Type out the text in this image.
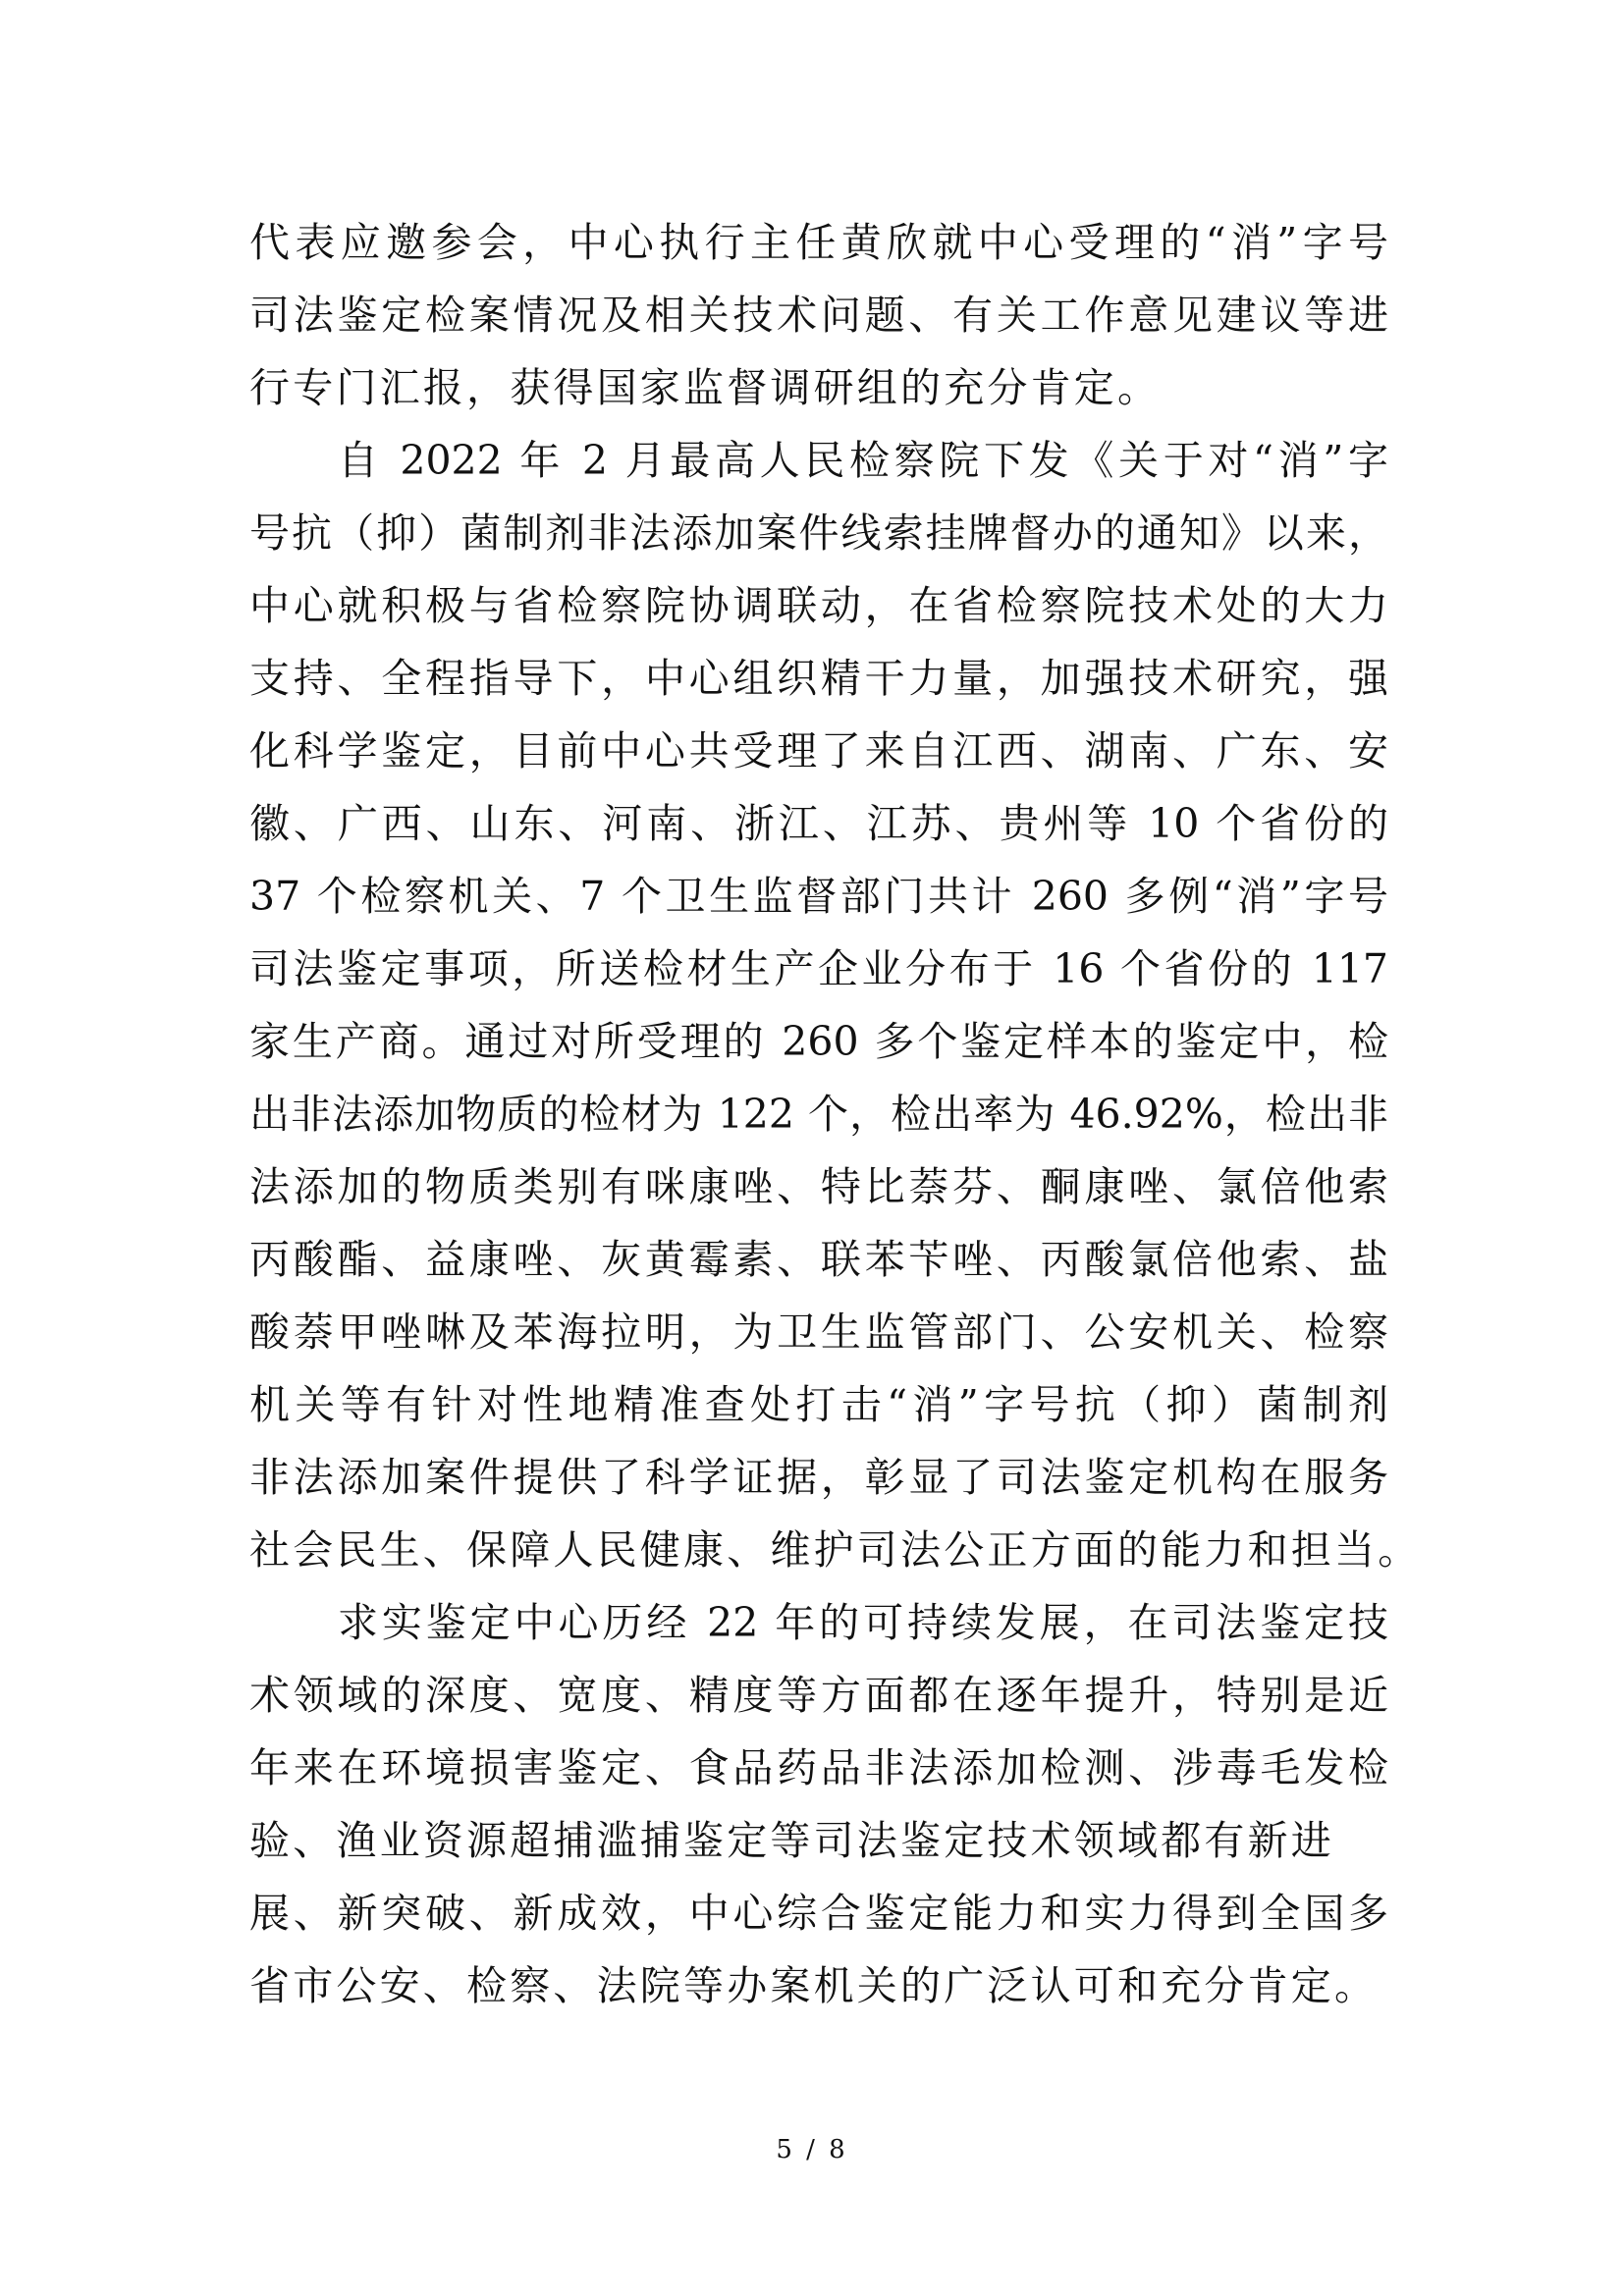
代表应邀参会，中心执行主任黄欣就中心受理的“消”字号
司法鉴定检案情况及相关技术问题、有关工作意见建议等进
行专门汇报，获得国家监督调研组的充分肯定。
自 2022 年 2 月最高人民检察院下发《关于对“消”字
号抗（抑）菌制剂非法添加案件线索挂牌督办的通知》以来，
中心就积极与省检察院协调联动，在省检察院技术处的大力
支持、全程指导下，中心组织精干力量，加强技术研究，强
化科学鉴定，目前中心共受理了来自江西、湖南、广东、安
徽、广西、山东、河南、浙江、江苏、贵州等 10 个省份的
37 个检察机关、7 个卫生监督部门共计 260 多例“消”字号
司法鉴定事项，所送检材生产企业分布于 16 个省份的 117
家生产商。通过对所受理的 260 多个鉴定样本的鉴定中，检
出非法添加物质的检材为 122 个，检出率为 46.92%，检出非
法添加的物质类别有咪康唑、特比萘芬、酮康唑、氯倍他索
丙酸酯、益康唑、灰黄霉素、联苯苄唑、丙酸氯倍他索、盐
酸萘甲唑啉及苯海拉明，为卫生监管部门、公安机关、检察
机关等有针对性地精准查处打击“消”字号抗（抑）菌制剂
非法添加案件提供了科学证据，彰显了司法鉴定机构在服务
社会民生、保障人民健康、维护司法公正方面的能力和担当。
求实鉴定中心历经 22 年的可持续发展，在司法鉴定技
术领域的深度、宽度、精度等方面都在逐年提升，特别是近
年来在环境损害鉴定、食品药品非法添加检测、涉毒毛发检
验、渔业资源超捕滥捕鉴定等司法鉴定技术领域都有新进
展、新突破、新成效，中心综合鉴定能力和实力得到全国多
省市公安、检察、法院等办案机关的广泛认可和充分肯定。
5 / 8
